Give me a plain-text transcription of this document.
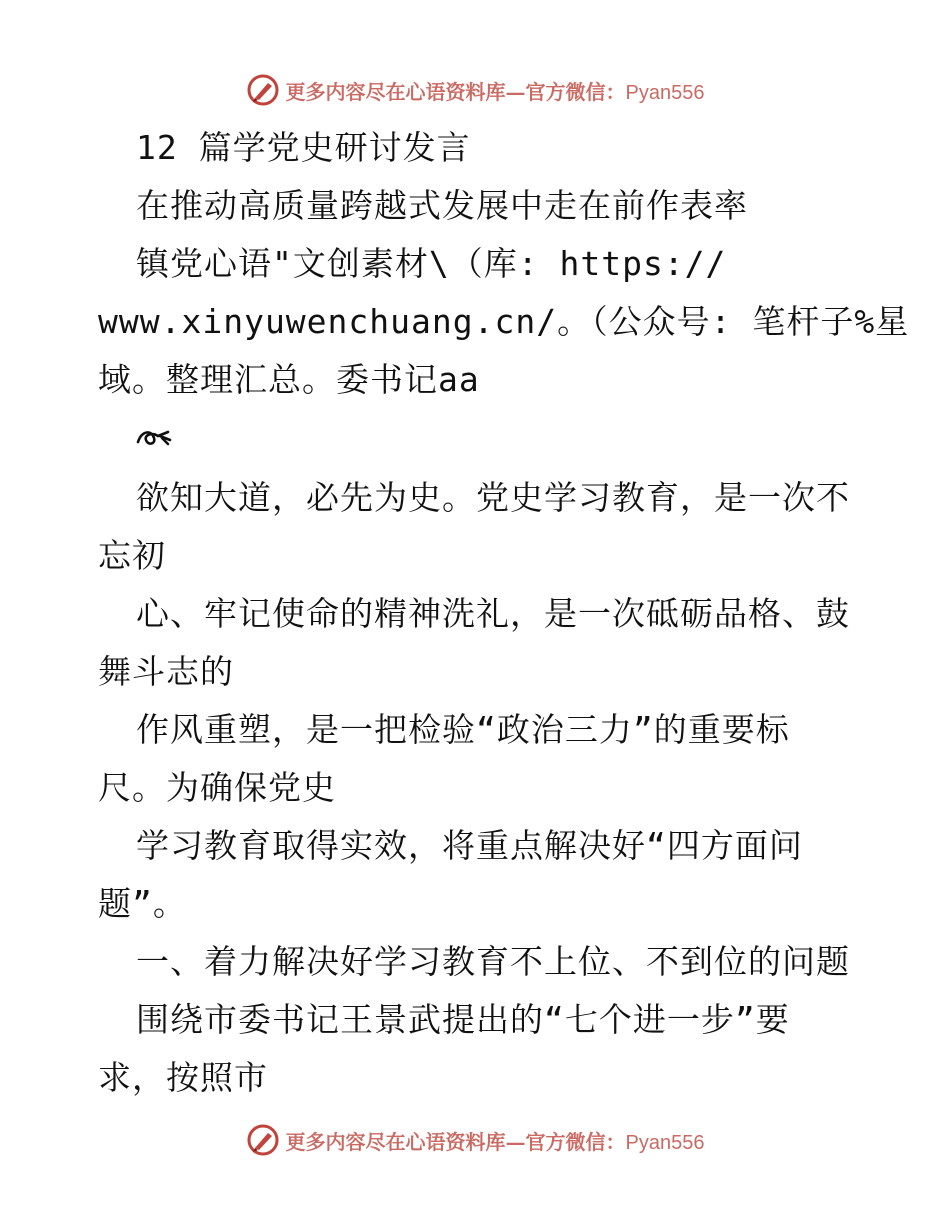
更多内容尽在心语资料库—官方微信：Pyan556
12 篇学党史研讨发言
在推动高质量跨越式发展中走在前作表率
镇党心语"文创素材\（库: https://
www.xinyuwenchuang.cn/。（公众号: 笔杆子%星
域。整理汇总。委书记aa
欲知大道，必先为史。党史学习教育，是一次不
忘初
心、牢记使命的精神洗礼，是一次砥砺品格、鼓
舞斗志的
作风重塑，是一把检验“政治三力”的重要标
尺。为确保党史
学习教育取得实效，将重点解决好“四方面问
题”。
一、着力解决好学习教育不上位、不到位的问题
围绕市委书记王景武提出的“七个进一步”要
求，按照市
更多内容尽在心语资料库—官方微信：Pyan556
